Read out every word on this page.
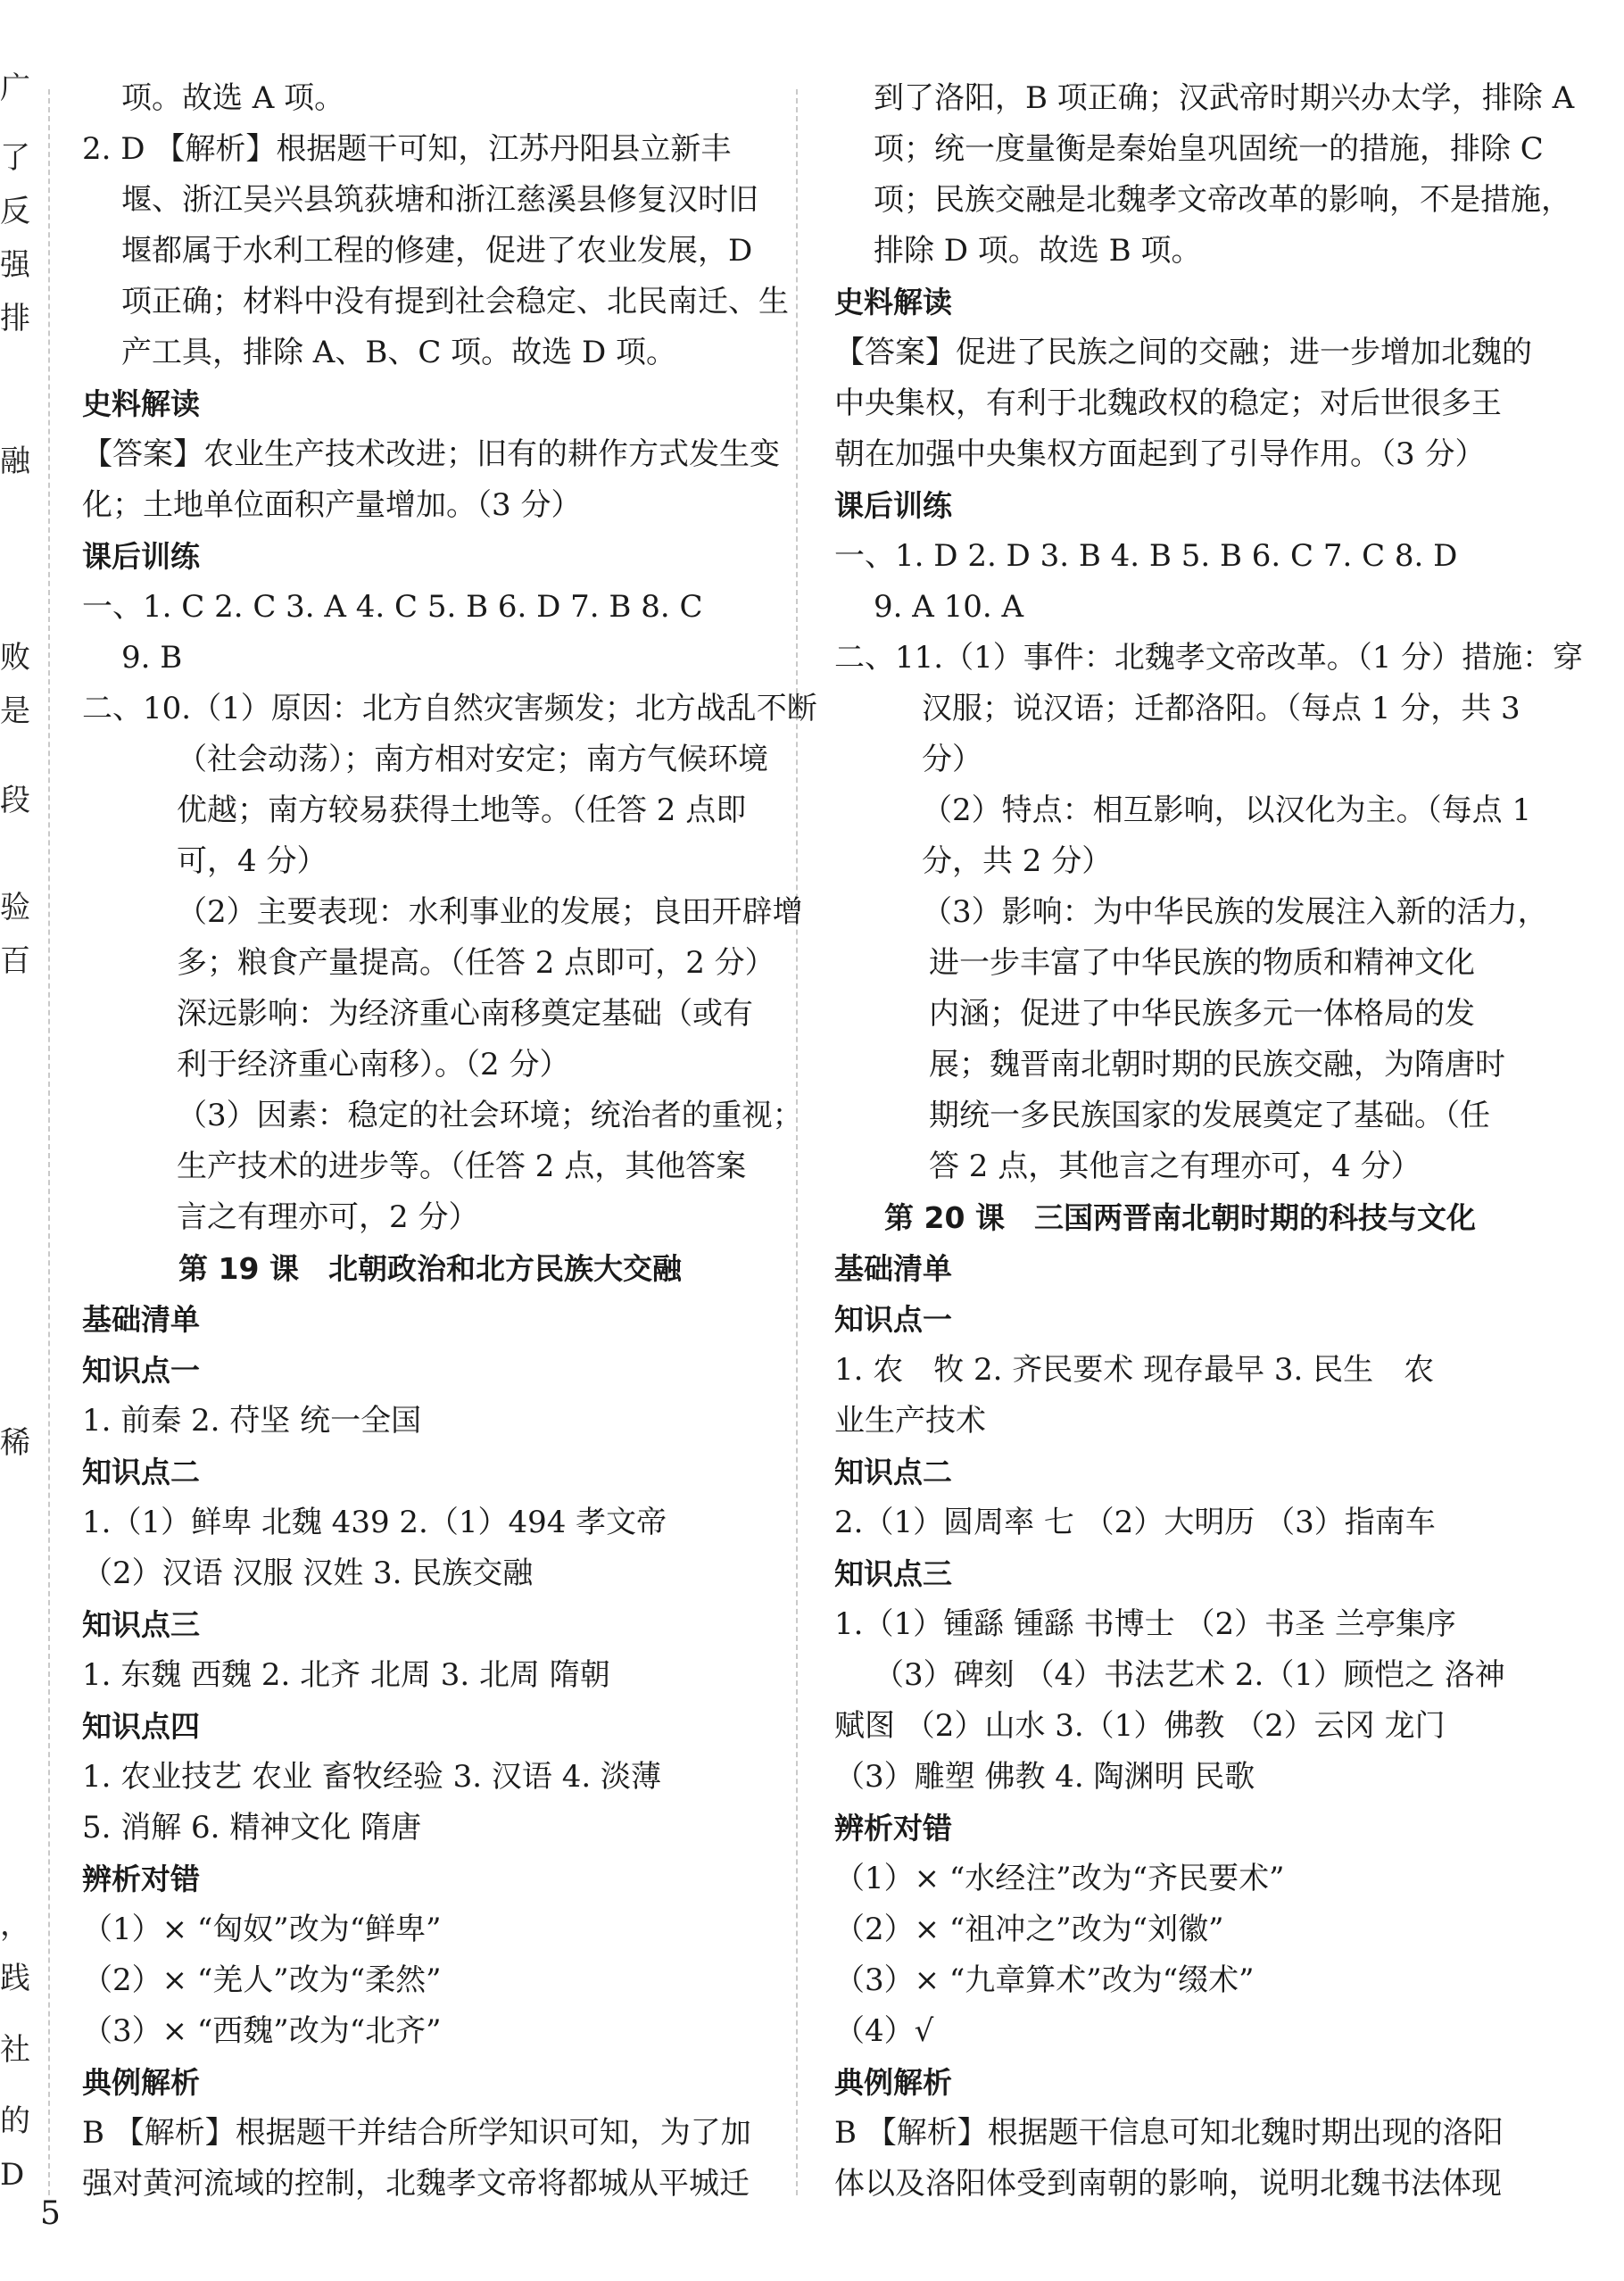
广
了
反
强
排
融
败
是
段
验
百
稀
，
践
社
的
D
项。故选 A 项。
2. D 【解析】根据题干可知，江苏丹阳县立新丰
堰、浙江吴兴县筑荻塘和浙江慈溪县修复汉时旧
堰都属于水利工程的修建，促进了农业发展，D
项正确；材料中没有提到社会稳定、北民南迁、生
产工具，排除 A、B、C 项。故选 D 项。
史料解读
【答案】农业生产技术改进；旧有的耕作方式发生变
化；土地单位面积产量增加。（3 分）
课后训练
一、1. C 2. C 3. A 4. C 5. B 6. D 7. B 8. C
9. B
二、10.（1）原因：北方自然灾害频发；北方战乱不断
（社会动荡）；南方相对安定；南方气候环境
优越；南方较易获得土地等。（任答 2 点即
可，4 分）
（2）主要表现：水利事业的发展；良田开辟增
多；粮食产量提高。（任答 2 点即可，2 分）
深远影响：为经济重心南移奠定基础（或有
利于经济重心南移）。（2 分）
（3）因素：稳定的社会环境；统治者的重视；
生产技术的进步等。（任答 2 点，其他答案
言之有理亦可，2 分）
第 19 课　北朝政治和北方民族大交融
基础清单
知识点一
1. 前秦 2. 苻坚 统一全国
知识点二
1.（1）鲜卑 北魏 439 2.（1）494 孝文帝
（2）汉语 汉服 汉姓 3. 民族交融
知识点三
1. 东魏 西魏 2. 北齐 北周 3. 北周 隋朝
知识点四
1. 农业技艺 农业 畜牧经验 3. 汉语 4. 淡薄
5. 消解 6. 精神文化 隋唐
辨析对错
（1）× “匈奴”改为“鲜卑”
（2）× “羌人”改为“柔然”
（3）× “西魏”改为“北齐”
典例解析
B 【解析】根据题干并结合所学知识可知，为了加
强对黄河流域的控制，北魏孝文帝将都城从平城迁
到了洛阳，B 项正确；汉武帝时期兴办太学，排除 A
项；统一度量衡是秦始皇巩固统一的措施，排除 C
项；民族交融是北魏孝文帝改革的影响，不是措施，
排除 D 项。故选 B 项。
史料解读
【答案】促进了民族之间的交融；进一步增加北魏的
中央集权，有利于北魏政权的稳定；对后世很多王
朝在加强中央集权方面起到了引导作用。（3 分）
课后训练
一、1. D 2. D 3. B 4. B 5. B 6. C 7. C 8. D
9. A 10. A
二、11.（1）事件：北魏孝文帝改革。（1 分）措施：穿
汉服；说汉语；迁都洛阳。（每点 1 分，共 3
分）
（2）特点：相互影响，以汉化为主。（每点 1
分，共 2 分）
（3）影响：为中华民族的发展注入新的活力，
进一步丰富了中华民族的物质和精神文化
内涵；促进了中华民族多元一体格局的发
展；魏晋南北朝时期的民族交融，为隋唐时
期统一多民族国家的发展奠定了基础。（任
答 2 点，其他言之有理亦可，4 分）
第 20 课　三国两晋南北朝时期的科技与文化
基础清单
知识点一
1. 农　牧 2. 齐民要术 现存最早 3. 民生　农
业生产技术
知识点二
2.（1）圆周率 七 （2）大明历 （3）指南车
知识点三
1.（1）锺繇 锺繇 书博士 （2）书圣 兰亭集序
（3）碑刻 （4）书法艺术 2.（1）顾恺之 洛神
赋图 （2）山水 3.（1）佛教 （2）云冈 龙门
（3）雕塑 佛教 4. 陶渊明 民歌
辨析对错
（1）× “水经注”改为“齐民要术”
（2）× “祖冲之”改为“刘徽”
（3）× “九章算术”改为“缀术”
（4）√
典例解析
B 【解析】根据题干信息可知北魏时期出现的洛阳
体以及洛阳体受到南朝的影响，说明北魏书法体现
5
